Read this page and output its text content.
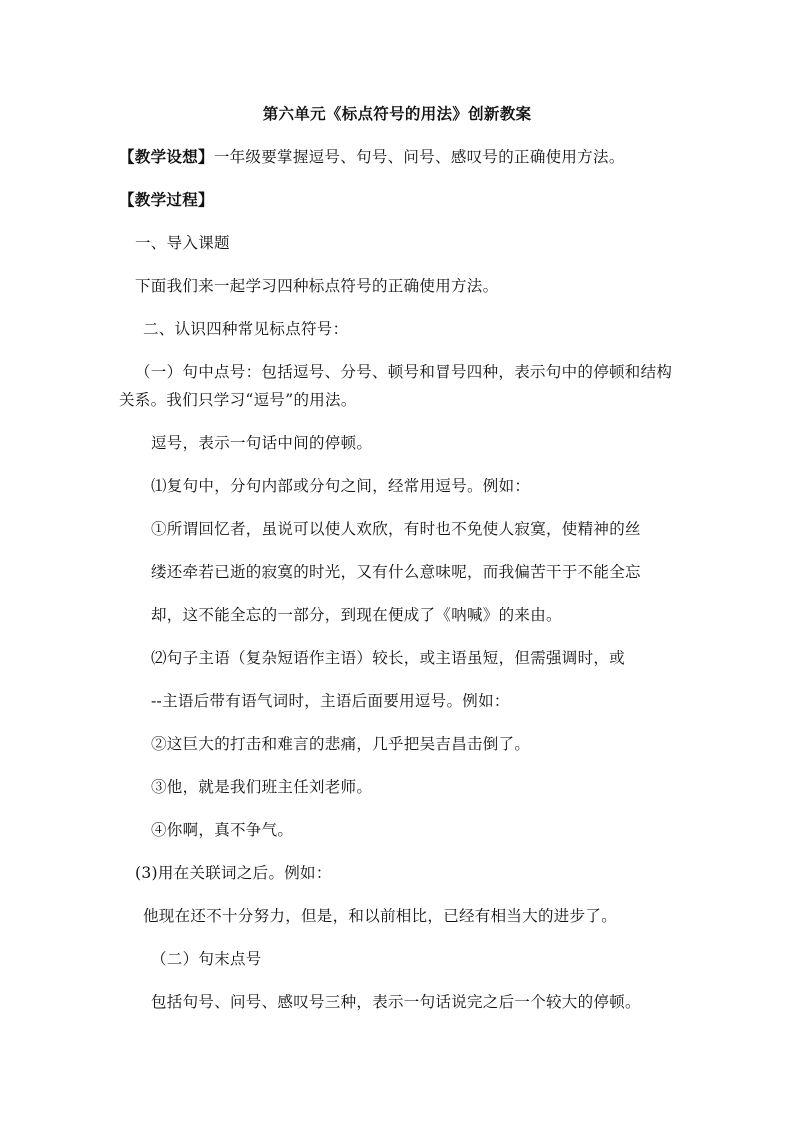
第六单元《标点符号的用法》创新教案
【教学设想】一年级要掌握逗号、句号、问号、感叹号的正确使用方法。
【教学过程】
一、导入课题
下面我们来一起学习四种标点符号的正确使用方法。
二、认识四种常见标点符号：
（一）句中点号：包括逗号、分号、顿号和冒号四种，表示句中的停顿和结构
关系。我们只学习“逗号”的用法。
逗号，表示一句话中间的停顿。
⑴复句中，分句内部或分句之间，经常用逗号。例如：
①所谓回忆者，虽说可以使人欢欣，有时也不免使人寂寞，使精神的丝
缕还牵若已逝的寂寞的时光，又有什么意味呢，而我偏苦干于不能全忘
却，这不能全忘的一部分，到现在便成了《呐喊》的来由。
⑵句子主语（复杂短语作主语）较长，或主语虽短，但需强调时，或
--主语后带有语气词时，主语后面要用逗号。例如：
②这巨大的打击和难言的悲痛，几乎把吴吉昌击倒了。
③他，就是我们班主任刘老师。
④你啊，真不争气。
(3)用在关联词之后。例如：
他现在还不十分努力，但是，和以前相比，已经有相当大的进步了。
（二）句末点号
包括句号、问号、感叹号三种，表示一句话说完之后一个较大的停顿。
